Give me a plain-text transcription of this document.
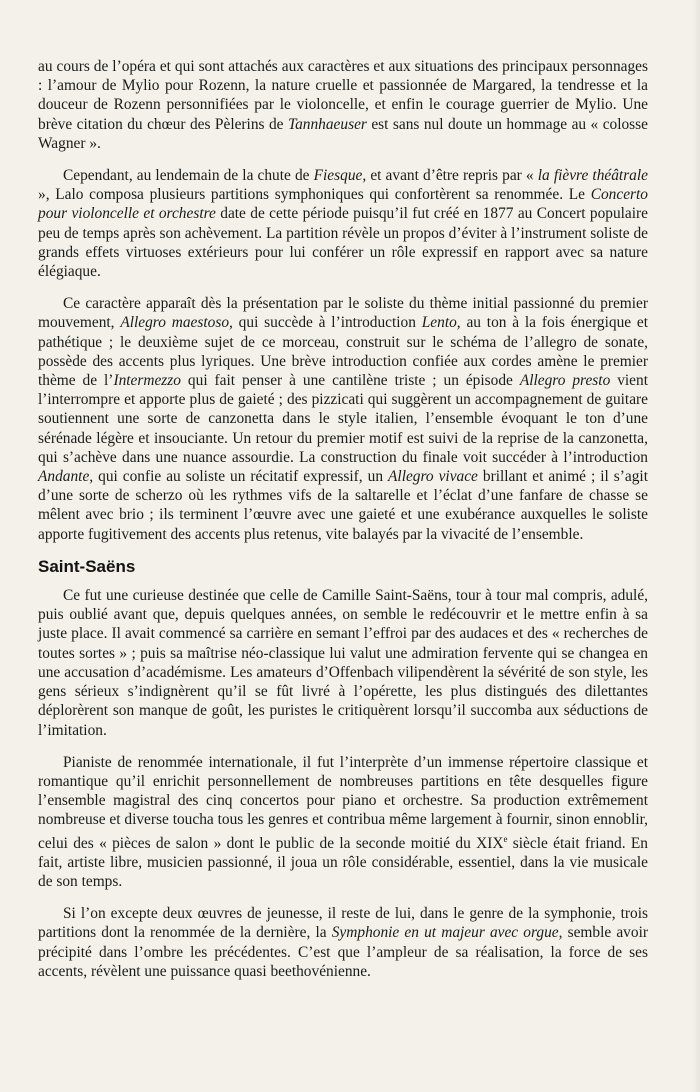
au cours de l’opéra et qui sont attachés aux caractères et aux situations des principaux personnages : l’amour de Mylio pour Rozenn, la nature cruelle et passionnée de Margared, la tendresse et la douceur de Rozenn personnifiées par le violoncelle, et enfin le courage guerrier de Mylio. Une brève citation du chœur des Pèlerins de Tannhaeuser est sans nul doute un hommage au « colosse Wagner ».

Cependant, au lendemain de la chute de Fiesque, et avant d’être repris par « la fièvre théâtrale », Lalo composa plusieurs partitions symphoniques qui confortèrent sa renommée. Le Concerto pour violoncelle et orchestre date de cette période puisqu’il fut créé en 1877 au Concert populaire peu de temps après son achèvement. La partition révèle un propos d’éviter à l’instrument soliste de grands effets virtuoses extérieurs pour lui conférer un rôle expressif en rapport avec sa nature élégiaque.

Ce caractère apparaît dès la présentation par le soliste du thème initial passionné du premier mouvement, Allegro maestoso, qui succède à l’introduction Lento, au ton à la fois énergique et pathétique ; le deuxième sujet de ce morceau, construit sur le schéma de l’allegro de sonate, possède des accents plus lyriques. Une brève introduction confiée aux cordes amène le premier thème de l’Intermezzo qui fait penser à une cantilène triste ; un épisode Allegro presto vient l’interrompre et apporte plus de gaieté ; des pizzicati qui suggèrent un accompagnement de guitare soutiennent une sorte de canzonetta dans le style italien, l’ensemble évoquant le ton d’une sérénade légère et insouciante. Un retour du premier motif est suivi de la reprise de la canzonetta, qui s’achève dans une nuance assourdie. La construction du finale voit succéder à l’introduction Andante, qui confie au soliste un récitatif expressif, un Allegro vivace brillant et animé ; il s’agit d’une sorte de scherzo où les rythmes vifs de la saltarelle et l’éclat d’une fanfare de chasse se mêlent avec brio ; ils terminent l’œuvre avec une gaieté et une exubérance auxquelles le soliste apporte fugitivement des accents plus retenus, vite balayés par la vivacité de l’ensemble.

Saint-Saëns

Ce fut une curieuse destinée que celle de Camille Saint-Saëns, tour à tour mal compris, adulé, puis oublié avant que, depuis quelques années, on semble le redécouvrir et le mettre enfin à sa juste place. Il avait commencé sa carrière en semant l’effroi par des audaces et des « recherches de toutes sortes » ; puis sa maîtrise néo-classique lui valut une admiration fervente qui se changea en une accusation d’académisme. Les amateurs d’Offenbach vilipendèrent la sévérité de son style, les gens sérieux s’indignèrent qu’il se fût livré à l’opérette, les plus distingués des dilettantes déplorèrent son manque de goût, les puristes le critiquèrent lorsqu’il succomba aux séductions de l’imitation.

Pianiste de renommée internationale, il fut l’interprète d’un immense répertoire classique et romantique qu’il enrichit personnellement de nombreuses partitions en tête desquelles figure l’ensemble magistral des cinq concertos pour piano et orchestre. Sa production extrêmement nombreuse et diverse toucha tous les genres et contribua même largement à fournir, sinon ennoblir, celui des « pièces de salon » dont le public de la seconde moitié du XIXe siècle était friand. En fait, artiste libre, musicien passionné, il joua un rôle considérable, essentiel, dans la vie musicale de son temps.

Si l’on excepte deux œuvres de jeunesse, il reste de lui, dans le genre de la symphonie, trois partitions dont la renommée de la dernière, la Symphonie en ut majeur avec orgue, semble avoir précipité dans l’ombre les précédentes. C’est que l’ampleur de sa réalisation, la force de ses accents, révèlent une puissance quasi beethovénienne.
